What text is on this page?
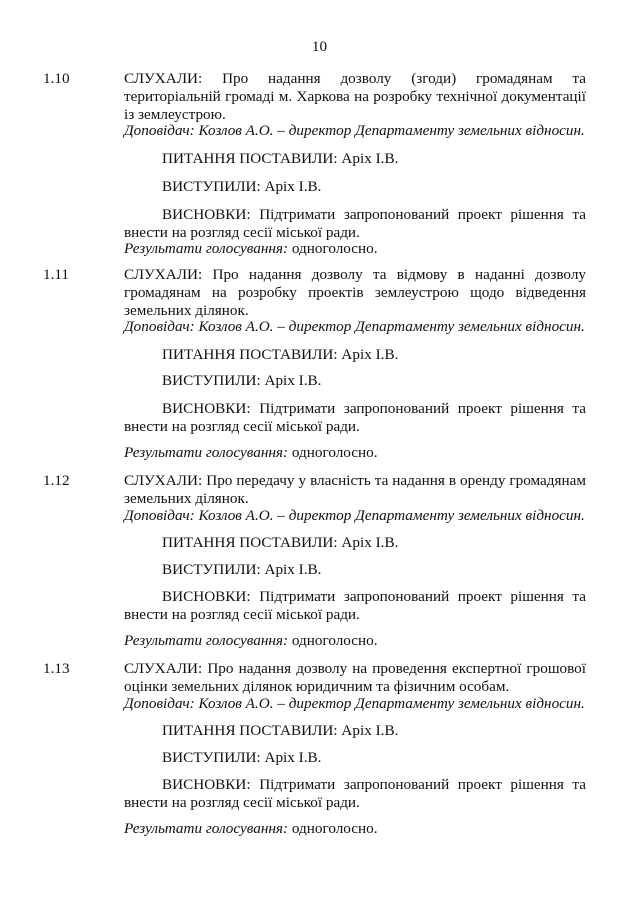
10
1.10	СЛУХАЛИ: Про надання дозволу (згоди) громадянам та територіальній громаді м. Харкова на розробку технічної документації із землеустрою.
Доповідач: Козлов А.О. – директор Департаменту земельних відносин.
ПИТАННЯ ПОСТАВИЛИ: Аріх І.В.
ВИСТУПИЛИ: Аріх І.В.
ВИСНОВКИ: Підтримати запропонований проект рішення та внести на розгляд сесії міської ради.
Результати голосування: одноголосно.
1.11	СЛУХАЛИ: Про надання дозволу та відмову в наданні дозволу громадянам на розробку проектів землеустрою щодо відведення земельних ділянок.
Доповідач: Козлов А.О. – директор Департаменту земельних відносин.
ПИТАННЯ ПОСТАВИЛИ: Аріх І.В.
ВИСТУПИЛИ: Аріх І.В.
ВИСНОВКИ: Підтримати запропонований проект рішення та внести на розгляд сесії міської ради.
Результати голосування: одноголосно.
1.12	СЛУХАЛИ: Про передачу у власність та надання в оренду громадянам земельних ділянок.
Доповідач: Козлов А.О. – директор Департаменту земельних відносин.
ПИТАННЯ ПОСТАВИЛИ: Аріх І.В.
ВИСТУПИЛИ: Аріх І.В.
ВИСНОВКИ: Підтримати запропонований проект рішення та внести на розгляд сесії міської ради.
Результати голосування: одноголосно.
1.13	СЛУХАЛИ: Про надання дозволу на проведення експертної грошової оцінки земельних ділянок юридичним та фізичним особам.
Доповідач: Козлов А.О. – директор Департаменту земельних відносин.
ПИТАННЯ ПОСТАВИЛИ: Аріх І.В.
ВИСТУПИЛИ: Аріх І.В.
ВИСНОВКИ: Підтримати запропонований проект рішення та внести на розгляд сесії міської ради.
Результати голосування: одноголосно.
